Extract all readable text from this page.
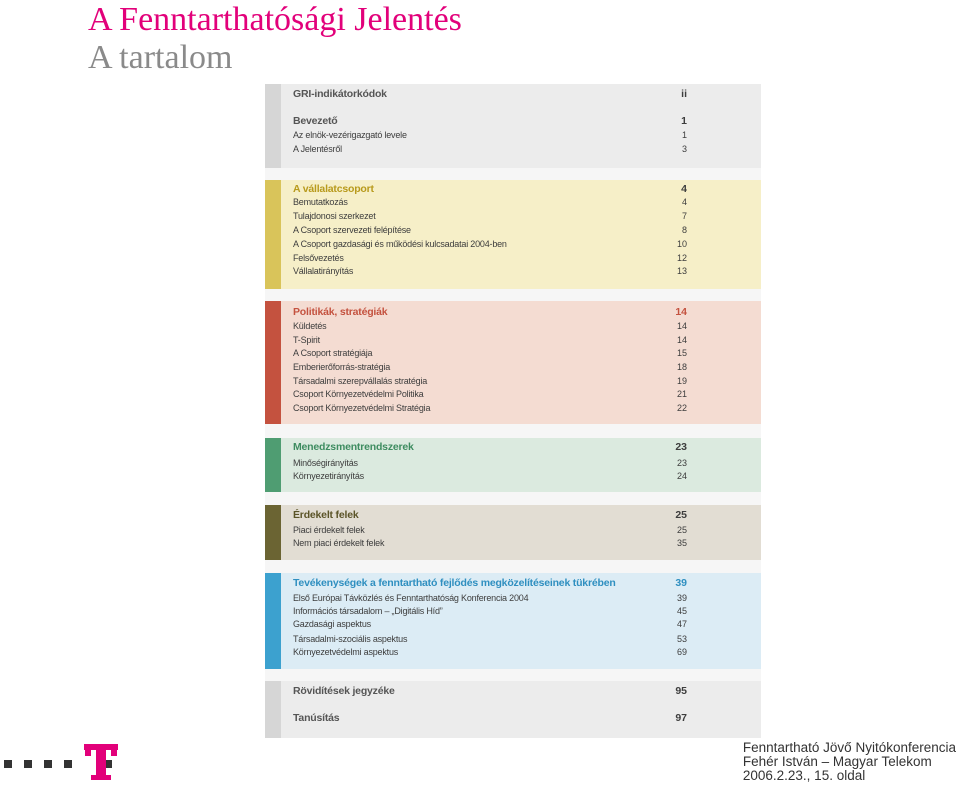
A Fenntarthatósági Jelentés
A tartalom
GRI-indikátorkódok	ii
Bevezető	1
Az elnök-vezérigazgató levele	1
A Jelentésről	3
A vállalatcsoport	4
Bemutatkozás	4
Tulajdonosi szerkezet	7
A Csoport szervezeti felépítése	8
A Csoport gazdasági és működési kulcsadatai 2004-ben	10
Felsővezetés	12
Vállalatirányítás	13
Politikák, stratégiák	14
Küldetés	14
T-Spirit	14
A Csoport stratégiája	15
Emberierőforrás-stratégia	18
Társadalmi szerepvállalás stratégia	19
Csoport Környezetvédelmi Politika	21
Csoport Környezetvédelmi Stratégia	22
Menedzsmentrendszerek	23
Minőségirányítás	23
Környezetirányítás	24
Érdekelt felek	25
Piaci érdekelt felek	25
Nem piaci érdekelt felek	35
Tevékenységek a fenntartható fejlődés megközelítéseinek tükrében	39
Első Európai Távközlés és Fenntarthatóság Konferencia 2004	39
Információs társadalom – „Digitális Híd”	45
Gazdasági aspektus	47
Társadalmi-szociális aspektus	53
Környezetvédelmi aspektus	69
Rövidítések jegyzéke	95
Tanúsítás	97
Fenntartható Jövő Nyitókonferencia
Fehér István – Magyar Telekom
2006.2.23., 15. oldal
